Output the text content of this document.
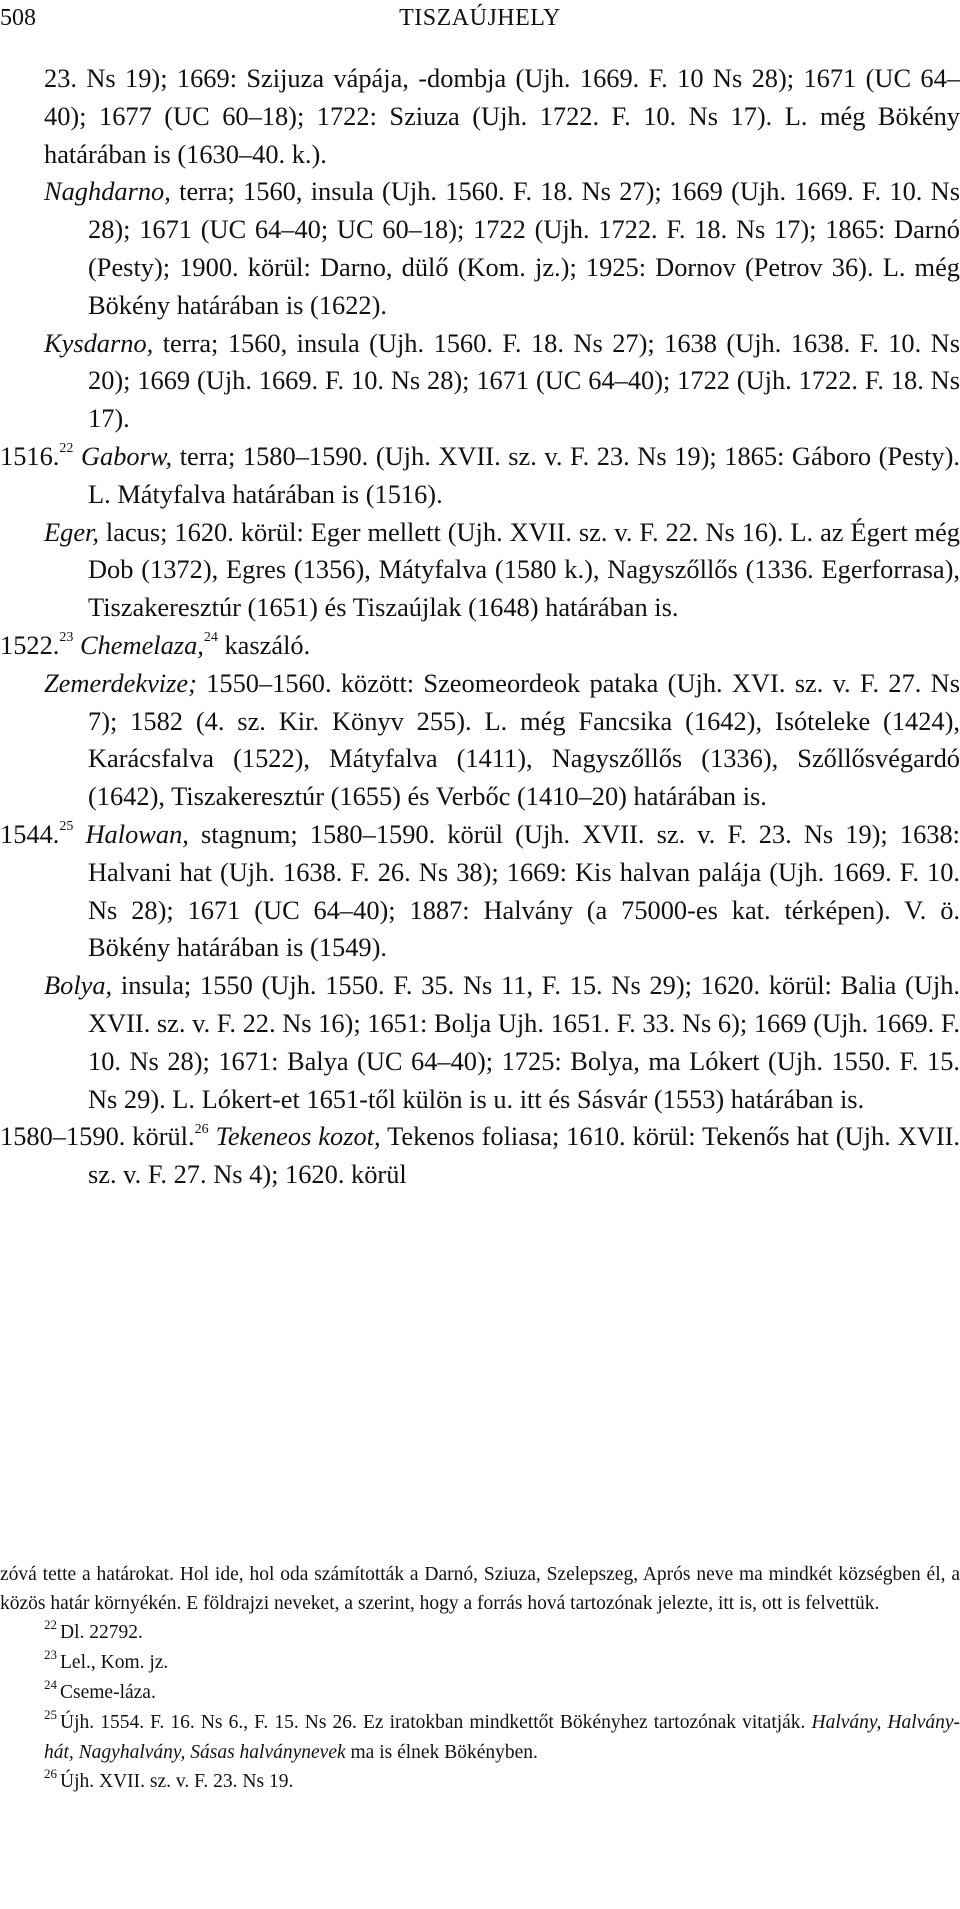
508	TISZAÚJHELY
23. Ns 19); 1669: Szijuza vápája, -dombja (Ujh. 1669. F. 10 Ns 28); 1671 (UC 64–40); 1677 (UC 60–18); 1722: Sziuza (Ujh. 1722. F. 10. Ns 17). L. még Bökény határában is (1630–40. k.).
Naghdarno, terra; 1560, insula (Ujh. 1560. F. 18. Ns 27); 1669 (Ujh. 1669. F. 10. Ns 28); 1671 (UC 64–40; UC 60–18); 1722 (Ujh. 1722. F. 18. Ns 17); 1865: Darnó (Pesty); 1900. körül: Darno, dülő (Kom. jz.); 1925: Dornov (Petrov 36). L. még Bökény határában is (1622).
Kysdarno, terra; 1560, insula (Ujh. 1560. F. 18. Ns 27); 1638 (Ujh. 1638. F. 10. Ns 20); 1669 (Ujh. 1669. F. 10. Ns 28); 1671 (UC 64–40); 1722 (Ujh. 1722. F. 18. Ns 17).
1516.22 Gaborw, terra; 1580–1590. (Ujh. XVII. sz. v. F. 23. Ns 19); 1865: Gáboro (Pesty). L. Mátyfalva határában is (1516).
Eger, lacus; 1620. körül: Eger mellett (Ujh. XVII. sz. v. F. 22. Ns 16). L. az Égert még Dob (1372), Egres (1356), Mátyfalva (1580 k.), Nagyszőllős (1336. Egerforrasa), Tiszakeresztúr (1651) és Tiszaújlak (1648) határában is.
1522.23 Chemelaza,$^{24}$ kaszáló.
Zemerdekvize; 1550–1560. között: Szeomeordeok pataka (Ujh. XVI. sz. v. F. 27. Ns 7); 1582 (4. sz. Kir. Könyv 255). L. még Fancsika (1642), Isóteleke (1424), Karácsfalva (1522), Mátyfalva (1411), Nagyszőllős (1336), Szőllősvégardó (1642), Tiszakeresztúr (1655) és Verbőc (1410–20) határában is.
1544.25 Halowan, stagnum; 1580–1590. körül (Ujh. XVII. sz. v. F. 23. Ns 19); 1638: Halvani hat (Ujh. 1638. F. 26. Ns 38); 1669: Kis halvan palája (Ujh. 1669. F. 10. Ns 28); 1671 (UC 64–40); 1887: Halvány (a 75000-es kat. térképen). V. ö. Bökény határában is (1549).
Bolya, insula; 1550 (Ujh. 1550. F. 35. Ns 11, F. 15. Ns 29); 1620. körül: Balia (Ujh. XVII. sz. v. F. 22. Ns 16); 1651: Bolja Ujh. 1651. F. 33. Ns 6); 1669 (Ujh. 1669. F. 10. Ns 28); 1671: Balya (UC 64–40); 1725: Bolya, ma Lókert (Ujh. 1550. F. 15. Ns 29). L. Lókert-et 1651-től külön is u. itt és Sásvár (1553) határában is.
1580–1590. körül.$^{26}$ Tekeneos kozot, Tekenos foliasa; 1610. körül: Tekenős hat (Ujh. XVII. sz. v. F. 27. Ns 4); 1620. körül
zóvá tette a határokat. Hol ide, hol oda számították a Darnó, Sziuza, Szelepszeg, Aprós neve ma mindkét községben él, a közös határ környékén. E földrajzi neveket, a szerint, hogy a forrás hová tartozónak jelezte, itt is, ott is felvettük.
$^{22}$ Dl. 22792.
$^{23}$ Lel., Kom. jz.
$^{24}$ Cseme-láza.
$^{25}$ Újh. 1554. F. 16. Ns 6., F. 15. Ns 26. Ez iratokban mindkettőt Bökényhez tartozónak vitatják. Halvány, Halvány-hát, Nagyhalvány, Sásas halványnevek ma is élnek Bökényben.
$^{26}$ Újh. XVII. sz. v. F. 23. Ns 19.
